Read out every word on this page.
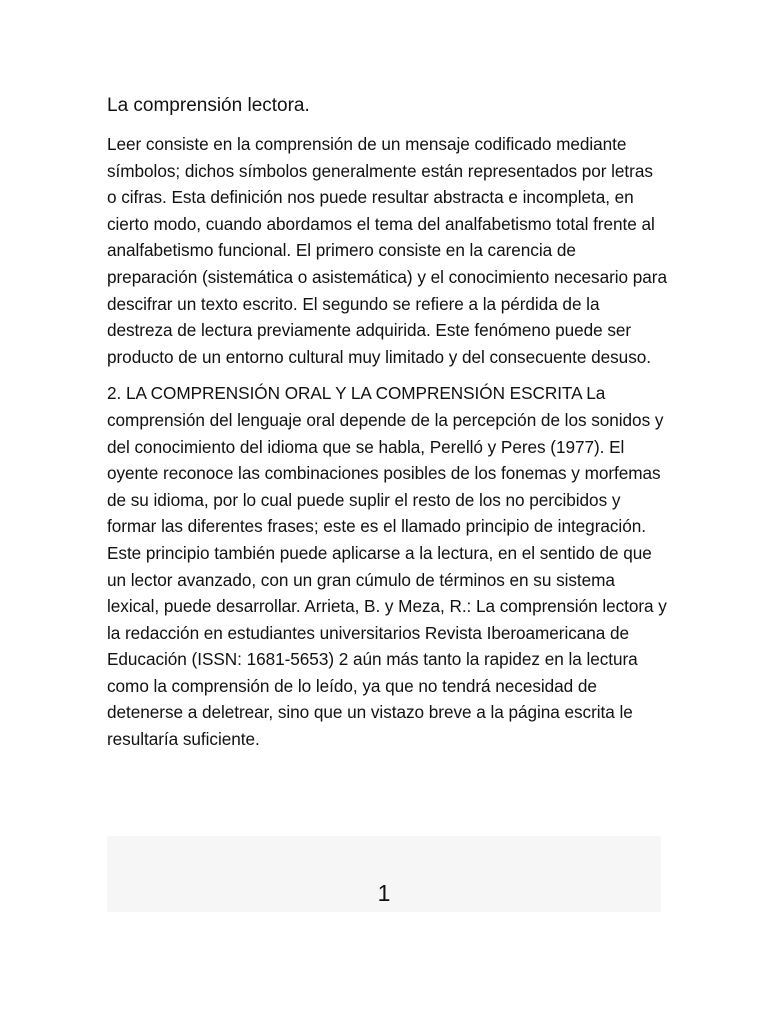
La comprensión lectora.

Leer consiste en la comprensión de un mensaje codificado mediante símbolos; dichos símbolos generalmente están representados por letras o cifras. Esta definición nos puede resultar abstracta e incompleta, en cierto modo, cuando abordamos el tema del analfabetismo total frente al analfabetismo funcional. El primero consiste en la carencia de preparación (sistemática o asistemática) y el conocimiento necesario para descifrar un texto escrito. El segundo se refiere a la pérdida de la destreza de lectura previamente adquirida. Este fenómeno puede ser producto de un entorno cultural muy limitado y del consecuente desuso.

2. LA COMPRENSIÓN ORAL Y LA COMPRENSIÓN ESCRITA La comprensión del lenguaje oral depende de la percepción de los sonidos y del conocimiento del idioma que se habla, Perelló y Peres (1977). El oyente reconoce las combinaciones posibles de los fonemas y morfemas de su idioma, por lo cual puede suplir el resto de los no percibidos y formar las diferentes frases; este es el llamado principio de integración. Este principio también puede aplicarse a la lectura, en el sentido de que un lector avanzado, con un gran cúmulo de términos en su sistema lexical, puede desarrollar. Arrieta, B. y Meza, R.: La comprensión lectora y la redacción en estudiantes universitarios Revista Iberoamericana de Educación (ISSN: 1681-5653) 2 aún más tanto la rapidez en la lectura como la comprensión de lo leído, ya que no tendrá necesidad de detenerse a deletrear, sino que un vistazo breve a la página escrita le resultaría suficiente.

1
